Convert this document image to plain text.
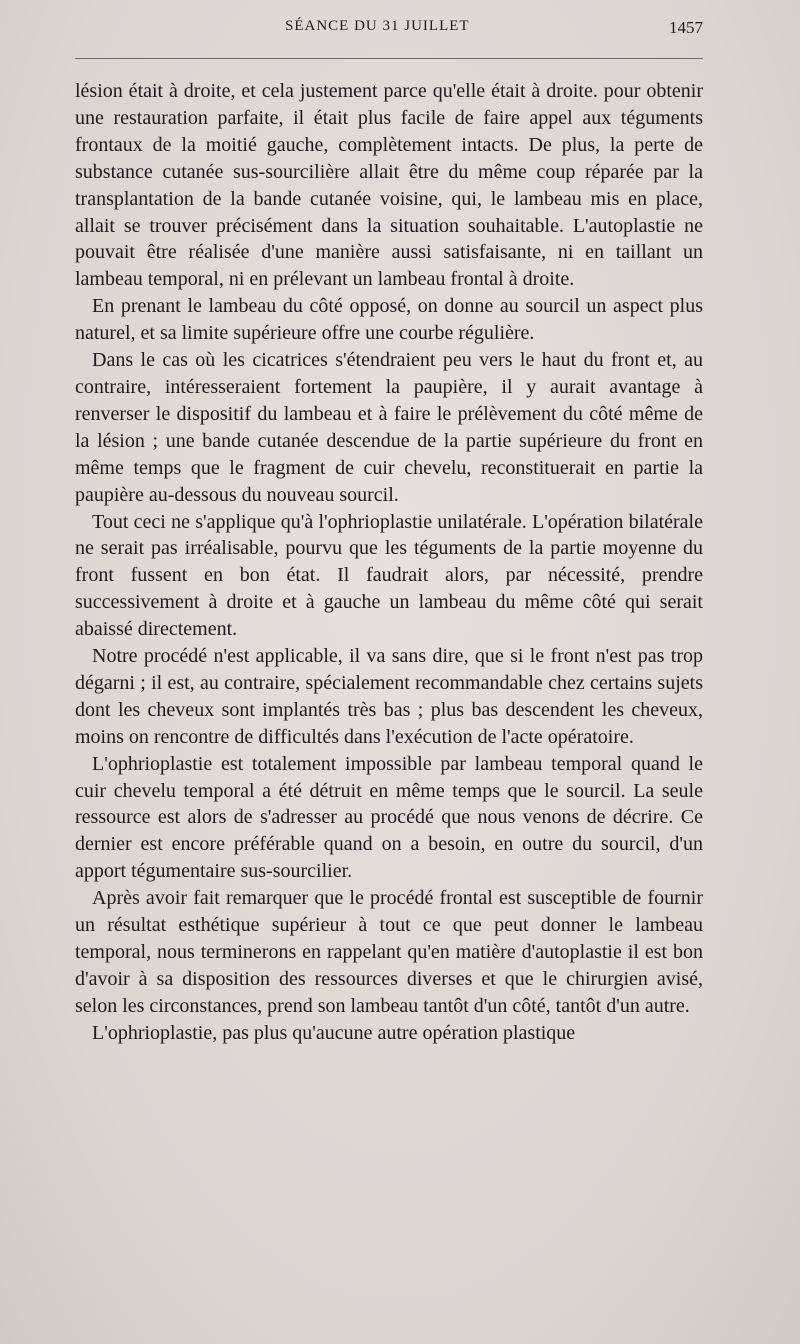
SÉANCE DU 31 JUILLET	1457

lésion était à droite, et cela justement parce qu'elle était à droite. pour obtenir une restauration parfaite, il était plus facile de faire appel aux téguments frontaux de la moitié gauche, complètement intacts. De plus, la perte de substance cutanée sus-sourcilière allait être du même coup réparée par la transplantation de la bande cutanée voisine, qui, le lambeau mis en place, allait se trouver précisément dans la situation souhaitable. L'autoplastie ne pouvait être réalisée d'une manière aussi satisfaisante, ni en taillant un lambeau temporal, ni en prélevant un lambeau frontal à droite.

En prenant le lambeau du côté opposé, on donne au sourcil un aspect plus naturel, et sa limite supérieure offre une courbe régulière.

Dans le cas où les cicatrices s'étendraient peu vers le haut du front et, au contraire, intéresseraient fortement la paupière, il y aurait avantage à renverser le dispositif du lambeau et à faire le prélèvement du côté même de la lésion ; une bande cutanée descendue de la partie supérieure du front en même temps que le fragment de cuir chevelu, reconstituerait en partie la paupière au-dessous du nouveau sourcil.

Tout ceci ne s'applique qu'à l'ophrioplastie unilatérale. L'opération bilatérale ne serait pas irréalisable, pourvu que les téguments de la partie moyenne du front fussent en bon état. Il faudrait alors, par nécessité, prendre successivement à droite et à gauche un lambeau du même côté qui serait abaissé directement.

Notre procédé n'est applicable, il va sans dire, que si le front n'est pas trop dégarni ; il est, au contraire, spécialement recommandable chez certains sujets dont les cheveux sont implantés très bas ; plus bas descendent les cheveux, moins on rencontre de difficultés dans l'exécution de l'acte opératoire.

L'ophrioplastie est totalement impossible par lambeau temporal quand le cuir chevelu temporal a été détruit en même temps que le sourcil. La seule ressource est alors de s'adresser au procédé que nous venons de décrire. Ce dernier est encore préférable quand on a besoin, en outre du sourcil, d'un apport tégumentaire sus-sourcilier.

Après avoir fait remarquer que le procédé frontal est susceptible de fournir un résultat esthétique supérieur à tout ce que peut donner le lambeau temporal, nous terminerons en rappelant qu'en matière d'autoplastie il est bon d'avoir à sa disposition des ressources diverses et que le chirurgien avisé, selon les circonstances, prend son lambeau tantôt d'un côté, tantôt d'un autre.

L'ophrioplastie, pas plus qu'aucune autre opération plastique
